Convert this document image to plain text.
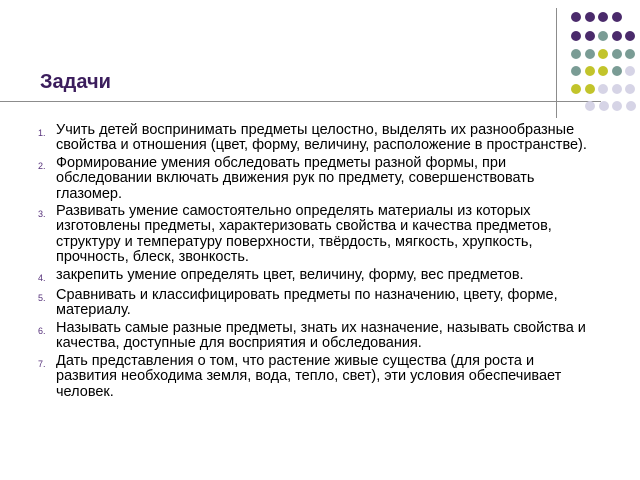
Задачи
1. Учить детей воспринимать предметы целостно, выделять их разнообразные свойства и отношения (цвет, форму, величину, расположение в пространстве).
2. Формирование умения обследовать предметы разной формы, при обследовании включать движения рук по предмету, совершенствовать глазомер.
3. Развивать умение самостоятельно определять материалы из которых изготовлены предметы, характеризовать свойства и качества предметов, структуру и температуру поверхности, твёрдость, мягкость, хрупкость, прочность, блеск, звонкость.
4. закрепить умение определять цвет, величину, форму, вес предметов.
5. Сравнивать и классифицировать предметы по назначению, цвету, форме, материалу.
6. Называть самые разные предметы, знать их назначение, называть свойства и качества, доступные для восприятия и обследования.
7. Дать представления о том, что растение живые существа (для роста и развития необходима земля, вода, тепло, свет), эти условия обеспечивает человек.
